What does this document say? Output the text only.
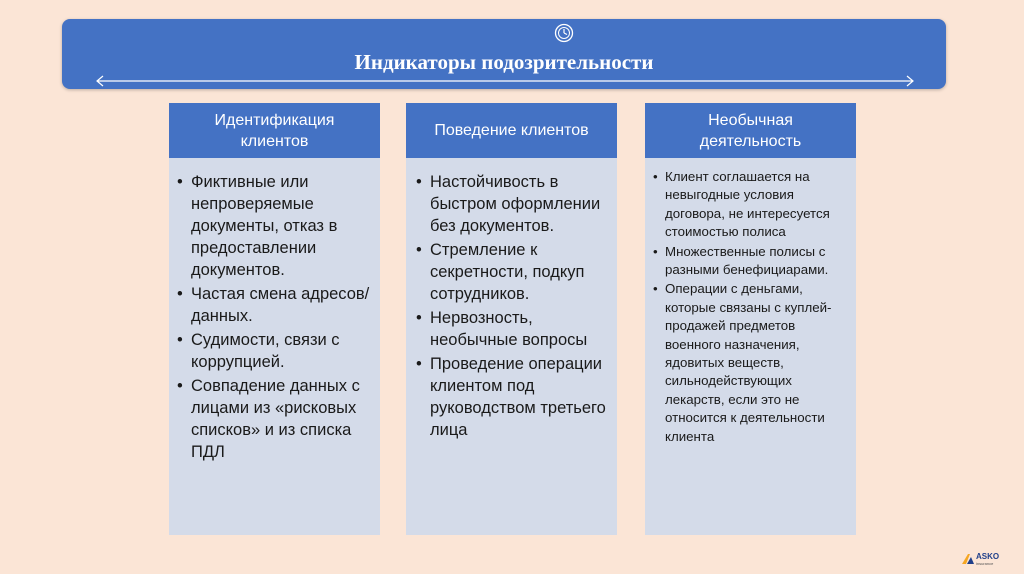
Индикаторы подозрительности
Идентификация клиентов
• Фиктивные или непроверяемые документы, отказ в предоставлении документов.
• Частая смена адресов/данных.
• Судимости, связи с коррупцией.
• Совпадение данных с лицами из «рисковых списков» и из списка ПДЛ
Поведение клиентов
• Настойчивость в быстром оформлении без документов.
• Стремление к секретности, подкуп сотрудников.
• Нервозность, необычные вопросы
• Проведение операции клиентом под руководством третьего лица
Необычная деятельность
• Клиент соглашается на невыгодные условия договора, не интересуется стоимостью полиса
• Множественные полисы с разными бенефициарами.
• Операции с деньгами, которые связаны с куплей-продажей предметов военного назначения, ядовитых веществ, сильнодействующих лекарств, если это не относится к деятельности клиента
ASKO
insurance
